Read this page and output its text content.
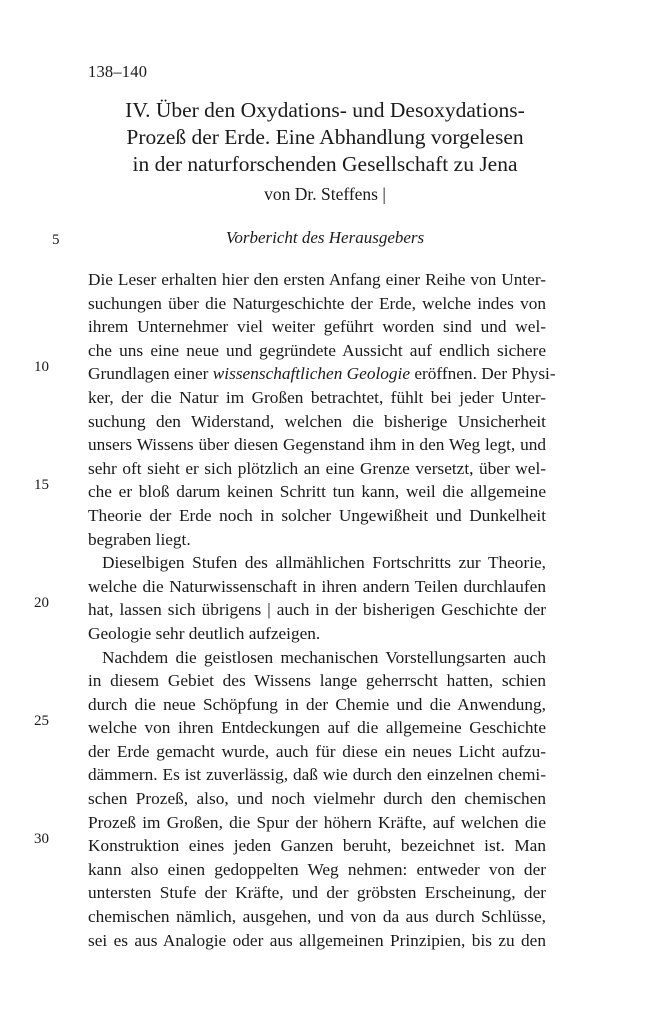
138–140
IV. Über den Oxydations- und Desoxydations-
Prozeß der Erde. Eine Abhandlung vorgelesen
in der naturforschenden Gesellschaft zu Jena
von Dr. Steffens |
5	Vorbericht des Herausgebers
10
15
20
25
30
Die Leser erhalten hier den ersten Anfang einer Reihe von Unter-
suchungen über die Naturgeschichte der Erde, welche indes von
ihrem Unternehmer viel weiter geführt worden sind und wel-
che uns eine neue und gegründete Aussicht auf endlich sichere
Grundlagen einer wissenschaftlichen Geologie eröffnen. Der Physi-
ker, der die Natur im Großen betrachtet, fühlt bei jeder Unter-
suchung den Widerstand, welchen die bisherige Unsicherheit
unsers Wissens über diesen Gegenstand ihm in den Weg legt, und
sehr oft sieht er sich plötzlich an eine Grenze versetzt, über wel-
che er bloß darum keinen Schritt tun kann, weil die allgemeine
Theorie der Erde noch in solcher Ungewißheit und Dunkelheit
begraben liegt.
Dieselbigen Stufen des allmählichen Fortschritts zur Theorie,
welche die Naturwissenschaft in ihren andern Teilen durchlaufen
hat, lassen sich übrigens | auch in der bisherigen Geschichte der
Geologie sehr deutlich aufzeigen.
Nachdem die geistlosen mechanischen Vorstellungsarten auch
in diesem Gebiet des Wissens lange geherrscht hatten, schien
durch die neue Schöpfung in der Chemie und die Anwendung,
welche von ihren Entdeckungen auf die allgemeine Geschichte
der Erde gemacht wurde, auch für diese ein neues Licht aufzu-
dämmern. Es ist zuverlässig, daß wie durch den einzelnen chemi-
schen Prozeß, also, und noch vielmehr durch den chemischen
Prozeß im Großen, die Spur der höhern Kräfte, auf welchen die
Konstruktion eines jeden Ganzen beruht, bezeichnet ist. Man
kann also einen gedoppelten Weg nehmen: entweder von der
untersten Stufe der Kräfte, und der gröbsten Erscheinung, der
chemischen nämlich, ausgehen, und von da aus durch Schlüsse,
sei es aus Analogie oder aus allgemeinen Prinzipien, bis zu den
